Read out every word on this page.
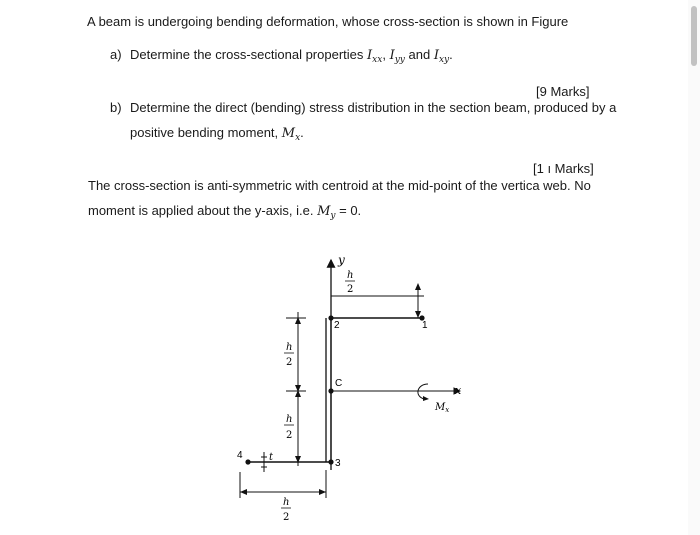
A beam is undergoing bending deformation, whose cross-section is shown in Figure
a) Determine the cross-sectional properties $I_{xx}$, $I_{yy}$ and $I_{xy}$.
[9 Marks]
b) Determine the direct (bending) stress distribution in the section beam, produced by a
positive bending moment, $M_x$.
[1 ı Marks]
The cross-section is anti-symmetric with centroid at the mid-point of the vertica web. No
moment is applied about the y-axis, i.e. $M_y = 0$.
y
1
2
3
4	t
C
x
$M_x$
h
2
h
2
h
2
h
2
